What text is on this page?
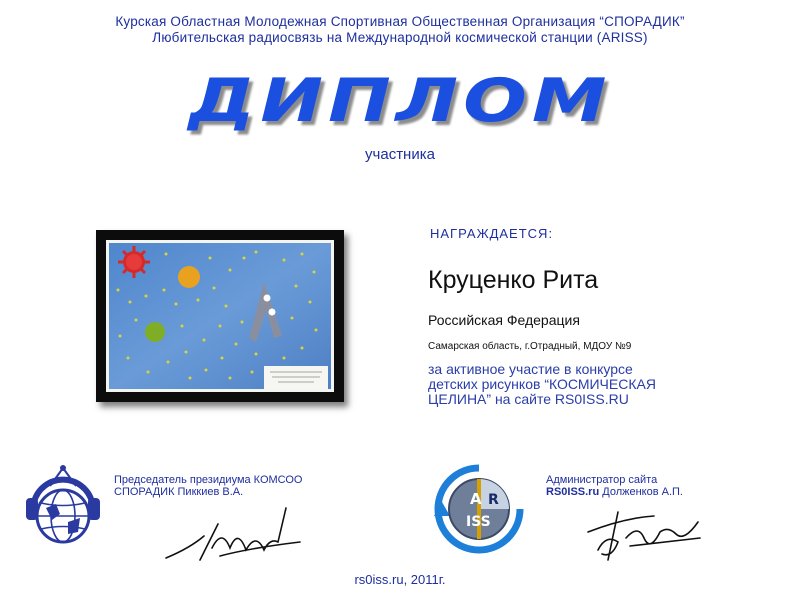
Курская Областная Молодежная Спортивная Общественная Организация “СПОРАДИК”
Любительская радиосвязь на Международной космической станции (ARISS)
ДИПЛОМ
участника
НАГРАЖДАЕТСЯ:
Круценко Рита
Российская Федерация
Самарская область, г.Отрадный, МДОУ №9
за активное участие в конкурсе
детских рисунков “КОСМИЧЕСКАЯ
ЦЕЛИНА” на сайте RS0ISS.RU
Председатель президиума КОМСОО
СПОРАДИК Пиккиев В.А.	A R
ISS
Администратор сайта
RS0ISS.ru Долженков А.П.
rs0iss.ru, 2011г.
